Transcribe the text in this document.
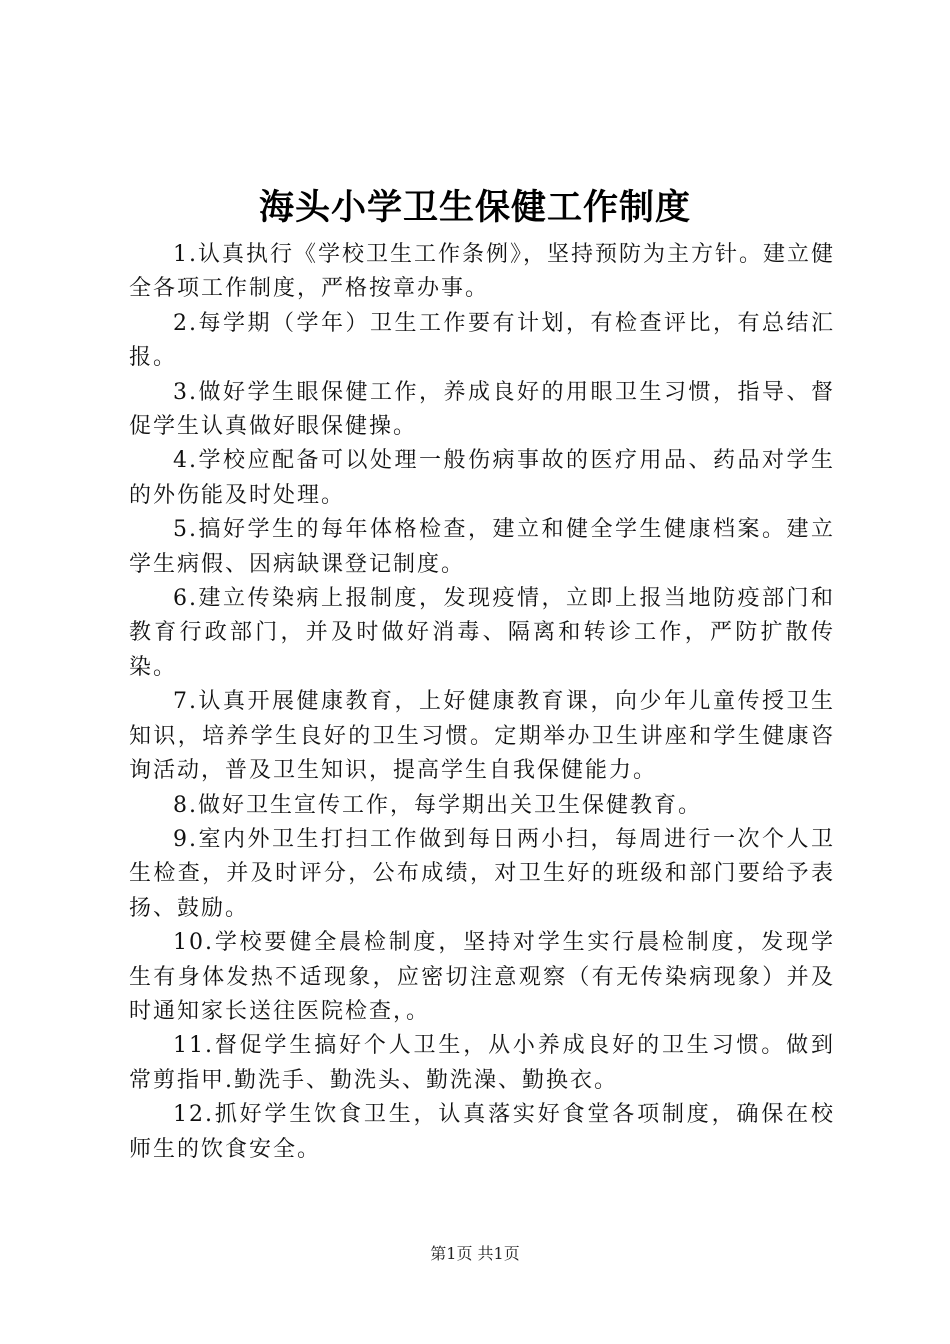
海头小学卫生保健工作制度

1.认真执行《学校卫生工作条例》，坚持预防为主方针。建立健全各项工作制度，严格按章办事。

2.每学期（学年）卫生工作要有计划，有检查评比，有总结汇报。

3.做好学生眼保健工作，养成良好的用眼卫生习惯，指导、督促学生认真做好眼保健操。

4.学校应配备可以处理一般伤病事故的医疗用品、药品对学生的外伤能及时处理。

5.搞好学生的每年体格检查，建立和健全学生健康档案。建立学生病假、因病缺课登记制度。

6.建立传染病上报制度，发现疫情，立即上报当地防疫部门和教育行政部门，并及时做好消毒、隔离和转诊工作，严防扩散传染。

7.认真开展健康教育，上好健康教育课，向少年儿童传授卫生知识，培养学生良好的卫生习惯。定期举办卫生讲座和学生健康咨询活动，普及卫生知识，提高学生自我保健能力。

8.做好卫生宣传工作，每学期出关卫生保健教育。

9.室内外卫生打扫工作做到每日两小扫，每周进行一次个人卫生检查，并及时评分，公布成绩，对卫生好的班级和部门要给予表扬、鼓励。

10.学校要健全晨检制度，坚持对学生实行晨检制度，发现学生有身体发热不适现象，应密切注意观察（有无传染病现象）并及时通知家长送往医院检查，。

11.督促学生搞好个人卫生，从小养成良好的卫生习惯。做到常剪指甲.勤洗手、勤洗头、勤洗澡、勤换衣。

12.抓好学生饮食卫生，认真落实好食堂各项制度，确保在校师生的饮食安全。

第1页 共1页
